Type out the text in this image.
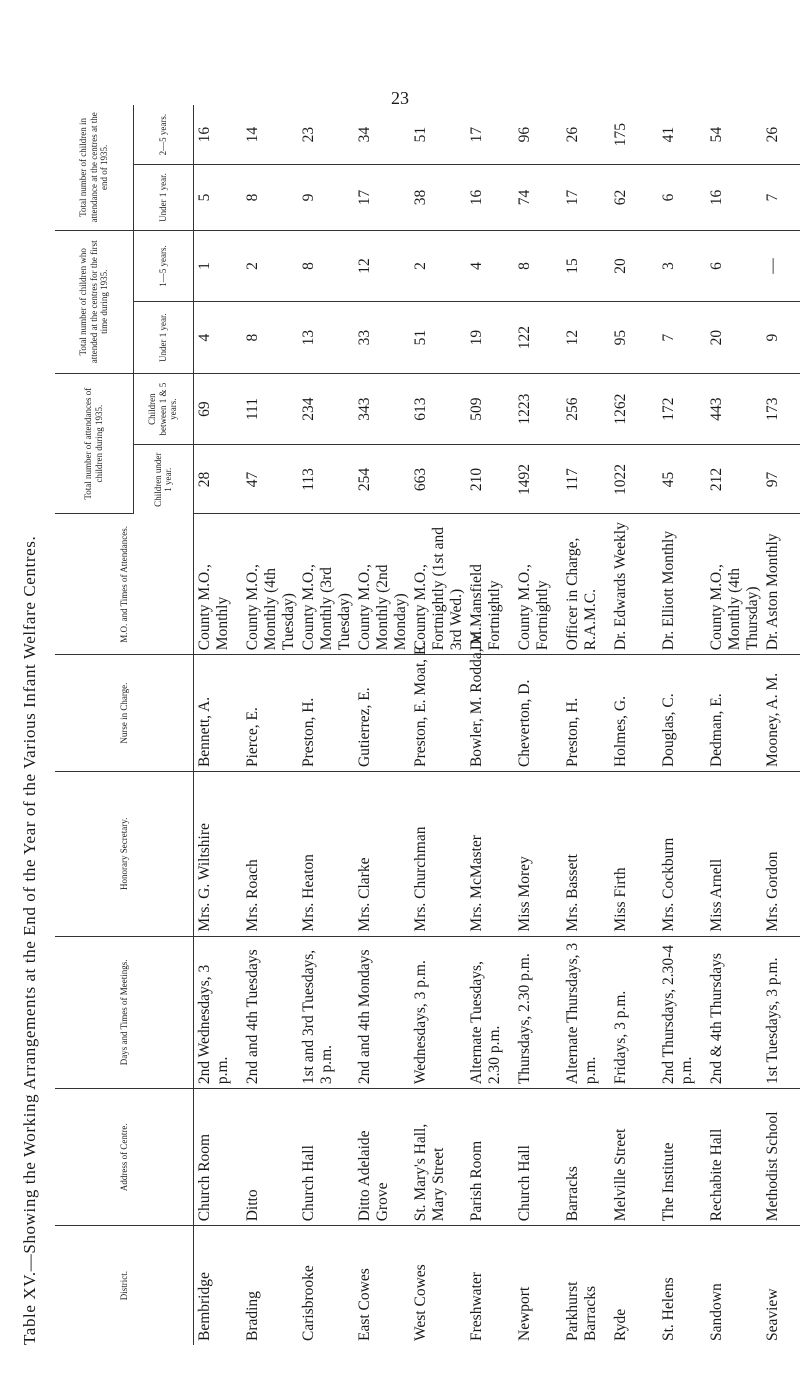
23
Table XV.—Showing the Working Arrangements at the End of the Year of the Various Infant Welfare Centres.	District.	Address of Centre.	Days and Times of Meetings.	Honorary Secretary.	Nurse in Charge.	M.O. and Times of Attendances.	Total number of attendances of children during 1935.		Total number of children who attended at the centres for the first time during 1935.		Total number of children in attendance at the centres at the end of 1935.	
						Children under 1 year.	Children between 1 & 5 years.	Under 1 year.	1—5 years.	Under 1 year.	2—5 years.
Bembridge	Church Room	2nd Wednesdays, 3 p.m.	Mrs. G. Wiltshire	Bennett, A.	County M.O., Monthly	28	69	4	1	5	16
Brading	Ditto	2nd and 4th Tuesdays	Mrs. Roach	Pierce, E.	County M.O., Monthly (4th Tuesday)	47	111	8	2	8	14
Carisbrooke	Church Hall	1st and 3rd Tuesdays, 3 p.m.	Mrs. Heaton	Preston, H.	County M.O., Monthly (3rd Tuesday)	113	234	13	8	9	23
East Cowes	Ditto Adelaide Grove	2nd and 4th Mondays	Mrs. Clarke	Gutierrez, E.	County M.O., Monthly (2nd Monday)	254	343	33	12	17	34
West Cowes	St. Mary's Hall, Mary Street	Wednesdays, 3 p.m.	Mrs. Churchman	Preston, E. Moat, E.	County M.O., Fortnightly (1st and 3rd Wed.)	663	613	51	2	38	51
Freshwater	Parish Room	Alternate Tuesdays, 2.30 p.m.	Mrs. McMaster	Bowler, M. Rodda, M.	Dr. Mansfield Fortnightly	210	509	19	4	16	17
Newport	Church Hall	Thursdays, 2.30 p.m.	Miss Morey	Cheverton, D.	County M.O., Fortnightly	1492	1223	122	8	74	96
Parkhurst Barracks	Barracks	Alternate Thursdays, 3 p.m.	Mrs. Bassett	Preston, H.	Officer in Charge, R.A.M.C.	117	256	12	15	17	26
Ryde	Melville Street	Fridays, 3 p.m.	Miss Firth	Holmes, G.	Dr. Edwards Weekly	1022	1262	95	20	62	175
St. Helens	The Institute	2nd Thursdays, 2.30-4 p.m.	Mrs. Cockburn	Douglas, C.	Dr. Elliott Monthly	45	172	7	3	6	41
Sandown	Rechabite Hall	2nd & 4th Thursdays	Miss Arnell	Dedman, E.	County M.O., Monthly (4th Thursday)	212	443	20	6	16	54
Seaview	Methodist School	1st Tuesdays, 3 p.m.	Mrs. Gordon	Mooney, A. M.	Dr. Aston Monthly	97	173	9	—	7	26
